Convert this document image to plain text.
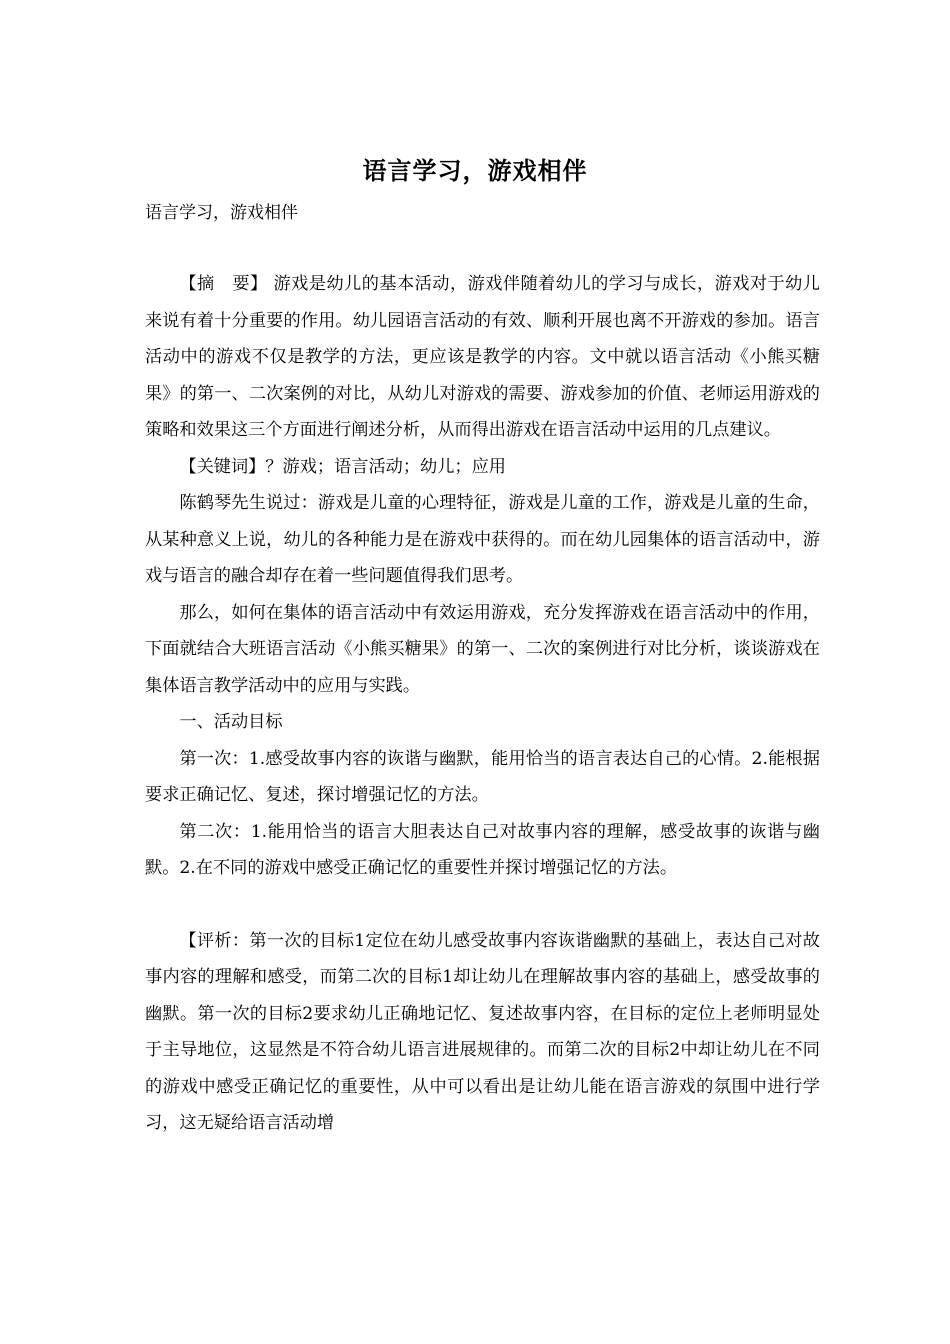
语言学习，游戏相伴
语言学习，游戏相伴

【摘　要】 游戏是幼儿的基本活动，游戏伴随着幼儿的学习与成长，游戏对于幼儿来说有着十分重要的作用。幼儿园语言活动的有效、顺利开展也离不开游戏的参加。语言活动中的游戏不仅是教学的方法，更应该是教学的内容。文中就以语言活动《小熊买糖果》的第一、二次案例的对比，从幼儿对游戏的需要、游戏参加的价值、老师运用游戏的策略和效果这三个方面进行阐述分析，从而得出游戏在语言活动中运用的几点建议。

【关键词】？游戏；语言活动；幼儿；应用

陈鹤琴先生说过：游戏是儿童的心理特征，游戏是儿童的工作，游戏是儿童的生命，从某种意义上说，幼儿的各种能力是在游戏中获得的。而在幼儿园集体的语言活动中，游戏与语言的融合却存在着一些问题值得我们思考。

那么，如何在集体的语言活动中有效运用游戏，充分发挥游戏在语言活动中的作用，下面就结合大班语言活动《小熊买糖果》的第一、二次的案例进行对比分析，谈谈游戏在集体语言教学活动中的应用与实践。

一、活动目标

第一次：1.感受故事内容的诙谐与幽默，能用恰当的语言表达自己的心情。2.能根据要求正确记忆、复述，探讨增强记忆的方法。

第二次：1.能用恰当的语言大胆表达自己对故事内容的理解，感受故事的诙谐与幽默。2.在不同的游戏中感受正确记忆的重要性并探讨增强记忆的方法。

【评析：第一次的目标1定位在幼儿感受故事内容诙谐幽默的基础上，表达自己对故事内容的理解和感受，而第二次的目标1却让幼儿在理解故事内容的基础上，感受故事的幽默。第一次的目标2要求幼儿正确地记忆、复述故事内容，在目标的定位上老师明显处于主导地位，这显然是不符合幼儿语言进展规律的。而第二次的目标2中却让幼儿在不同的游戏中感受正确记忆的重要性，从中可以看出是让幼儿能在语言游戏的氛围中进行学习，这无疑给语言活动增
